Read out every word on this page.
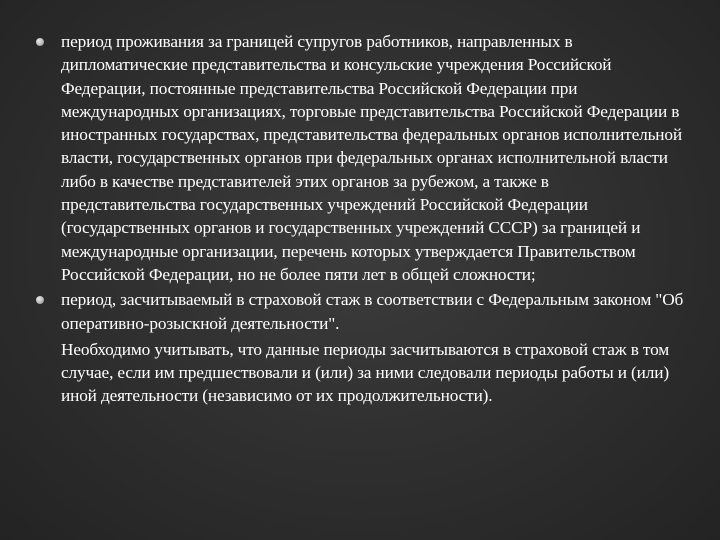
период проживания за границей супругов работников, направленных в дипломатические представительства и консульские учреждения Российской Федерации, постоянные представительства Российской Федерации при международных организациях, торговые представительства Российской Федерации в иностранных государствах, представительства федеральных органов исполнительной власти, государственных органов при федеральных органах исполнительной власти либо в качестве представителей этих органов за рубежом, а также в представительства государственных учреждений Российской Федерации (государственных органов и государственных учреждений СССР) за границей и международные организации, перечень которых утверждается Правительством Российской Федерации, но не более пяти лет в общей сложности;
период, засчитываемый в страховой стаж в соответствии с Федеральным законом "Об оперативно-розыскной деятельности".
Необходимо учитывать, что данные периоды засчитываются в страховой стаж в том случае, если им предшествовали и (или) за ними следовали периоды работы и (или) иной деятельности (независимо от их продолжительности).
